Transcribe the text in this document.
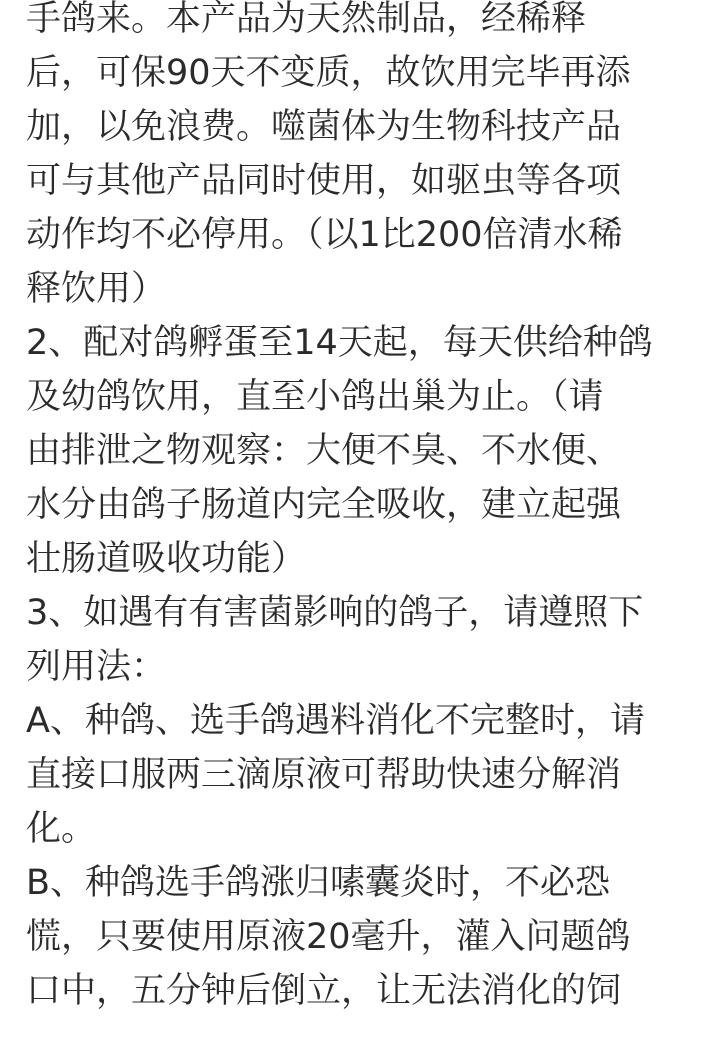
手鸽来。本产品为天然制品，经稀释
后，可保90天不变质，故饮用完毕再添
加，以免浪费。噬菌体为生物科技产品
可与其他产品同时使用，如驱虫等各项
动作均不必停用。（以1比200倍清水稀
释饮用）
2、配对鸽孵蛋至14天起，每天供给种鸽
及幼鸽饮用，直至小鸽出巢为止。（请
由排泄之物观察：大便不臭、不水便、
水分由鸽子肠道内完全吸收，建立起强
壮肠道吸收功能）
3、如遇有有害菌影响的鸽子，请遵照下
列用法：
A、种鸽、选手鸽遇料消化不完整时，请
直接口服两三滴原液可帮助快速分解消
化。
B、种鸽选手鸽涨归嗉囊炎时，不必恐
慌，只要使用原液20毫升，灌入问题鸽
口中，五分钟后倒立，让无法消化的饲
